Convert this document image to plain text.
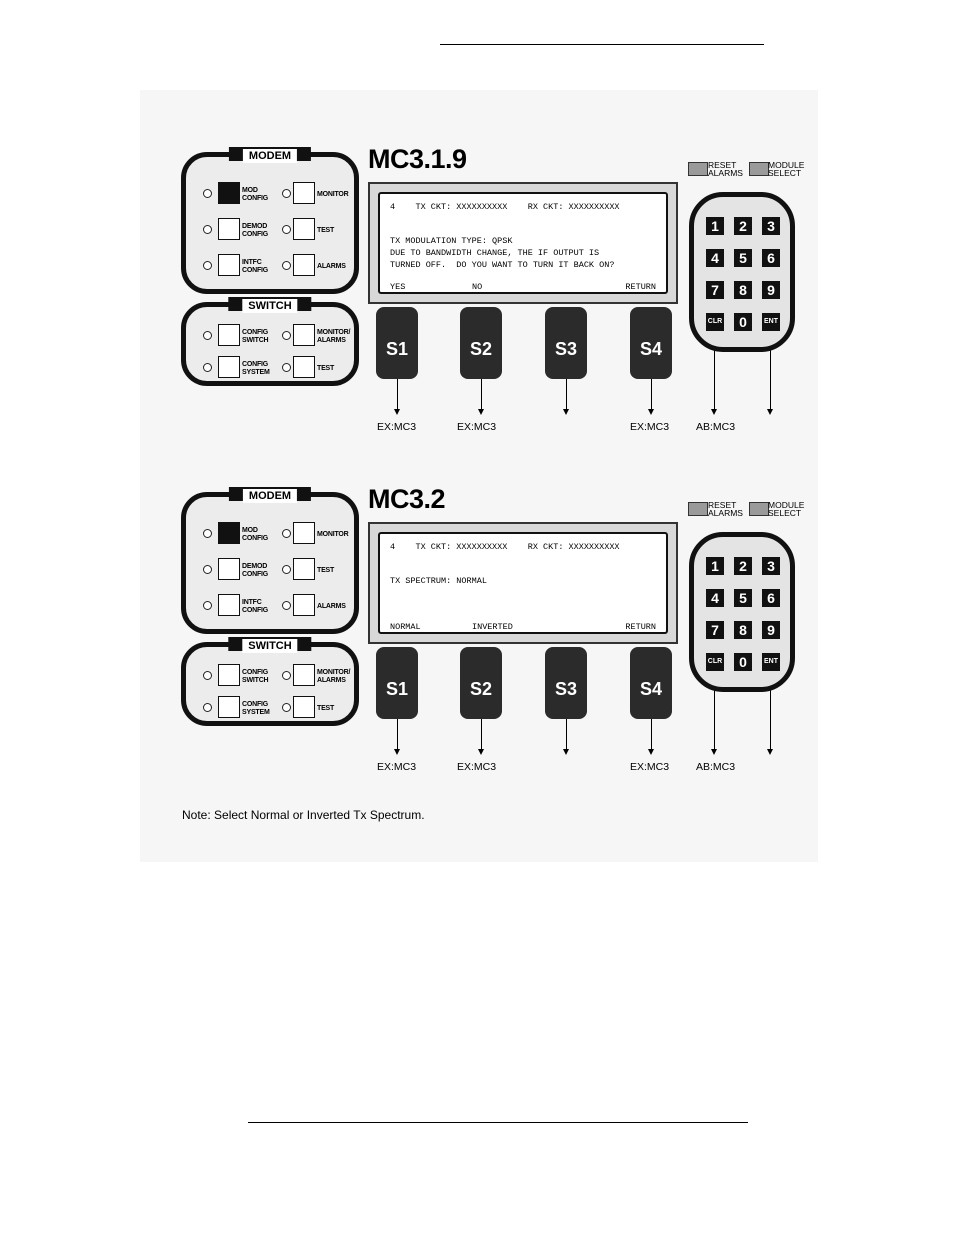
MODEM
MOD CONFIG
DEMOD CONFIG
INTFC CONFIG
MONITOR
TEST
ALARMS
SWITCH
CONFIG SWITCH
CONFIG SYSTEM
MONITOR/ ALARMS
TEST
MC3.1.9
4    TX CKT: XXXXXXXXXX    RX CKT: XXXXXXXXXX
TX MODULATION TYPE: QPSK
DUE TO BANDWIDTH CHANGE, THE IF OUTPUT IS
TURNED OFF.  DO YOU WANT TO TURN IT BACK ON?
YES	NO	RETURN
S1	S2	S3	S4
EX:MC3	EX:MC3	EX:MC3	AB:MC3
RESET ALARMS
MODULE SELECT
1	2	3
4	5	6
7	8	9
CLR	0	ENT
MODEM
MOD CONFIG
DEMOD CONFIG
INTFC CONFIG
MONITOR
TEST
ALARMS
SWITCH
CONFIG SWITCH
CONFIG SYSTEM
MONITOR/ ALARMS
TEST
MC3.2
4    TX CKT: XXXXXXXXXX    RX CKT: XXXXXXXXXX
TX SPECTRUM: NORMAL
NORMAL	INVERTED	RETURN
S1	S2	S3	S4
EX:MC3	EX:MC3	EX:MC3	AB:MC3
RESET ALARMS
MODULE SELECT
1	2	3
4	5	6
7	8	9
CLR	0	ENT
Note: Select Normal or Inverted Tx Spectrum.
